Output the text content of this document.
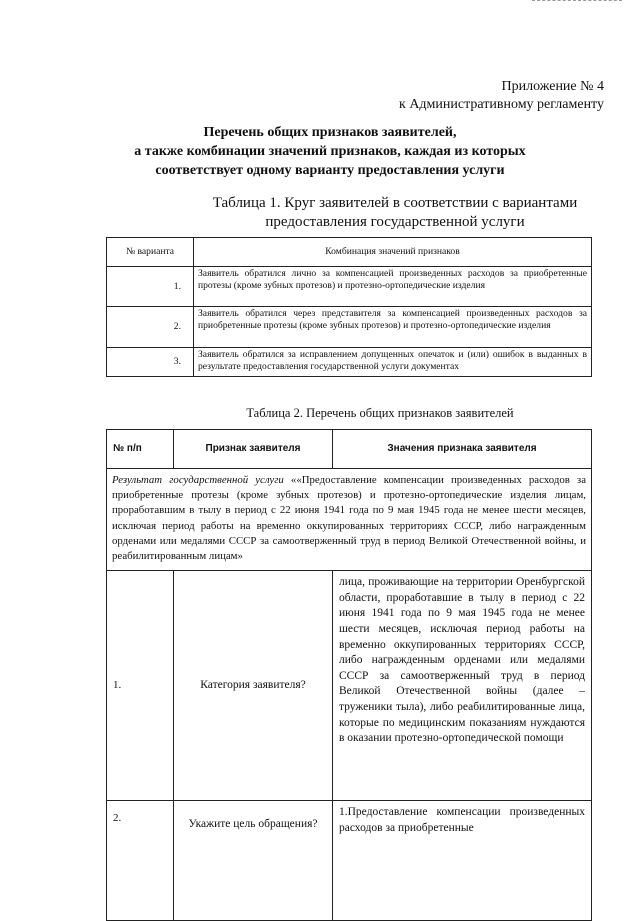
Приложение № 4
к Административному регламенту
Перечень общих признаков заявителей,
а также комбинации значений признаков, каждая из которых
соответствует одному варианту предоставления услуги
Таблица 1. Круг заявителей в соответствии с вариантами
предоставления государственной услуги
№ варианта	Комбинация значений признаков
1.	Заявитель обратился лично за компенсацией произведенных расходов за приобретенные протезы (кроме зубных протезов) и протезно-ортопедические изделия
2.	Заявитель обратился через представителя за компенсацией произведенных расходов за приобретенные протезы (кроме зубных протезов) и протезно-ортопедические изделия
3.	Заявитель обратился за исправлением допущенных опечаток и (или) ошибок в выданных в результате предоставления государственной услуги документах
Таблица 2. Перечень общих признаков заявителей
№ п/п	Признак заявителя	Значения признака заявителя
Результат государственной услуги ««Предоставление компенсации произведенных расходов за приобретенные протезы (кроме зубных протезов) и протезно-ортопедические изделия лицам, проработавшим в тылу в период с 22 июня 1941 года по 9 мая 1945 года не менее шести месяцев, исключая период работы на временно оккупированных территориях СССР, либо награжденным орденами или медалями СССР за самоотверженный труд в период Великой Отечественной войны, и реабилитированным лицам»		
1.	Категория заявителя?	лица, проживающие на территории Оренбургской области, проработавшие в тылу в период с 22 июня 1941 года по 9 мая 1945 года не менее шести месяцев, исключая период работы на временно оккупированных территориях СССР, либо награжденным орденами или медалями СССР за самоотверженный труд в период Великой Отечественной войны (далее – труженики тыла), либо реабилитированные лица, которые по медицинским показаниям нуждаются в оказании протезно-ортопедической помощи
2.	Укажите цель обращения?	1.Предоставление компенсации произведенных расходов за приобретенные
